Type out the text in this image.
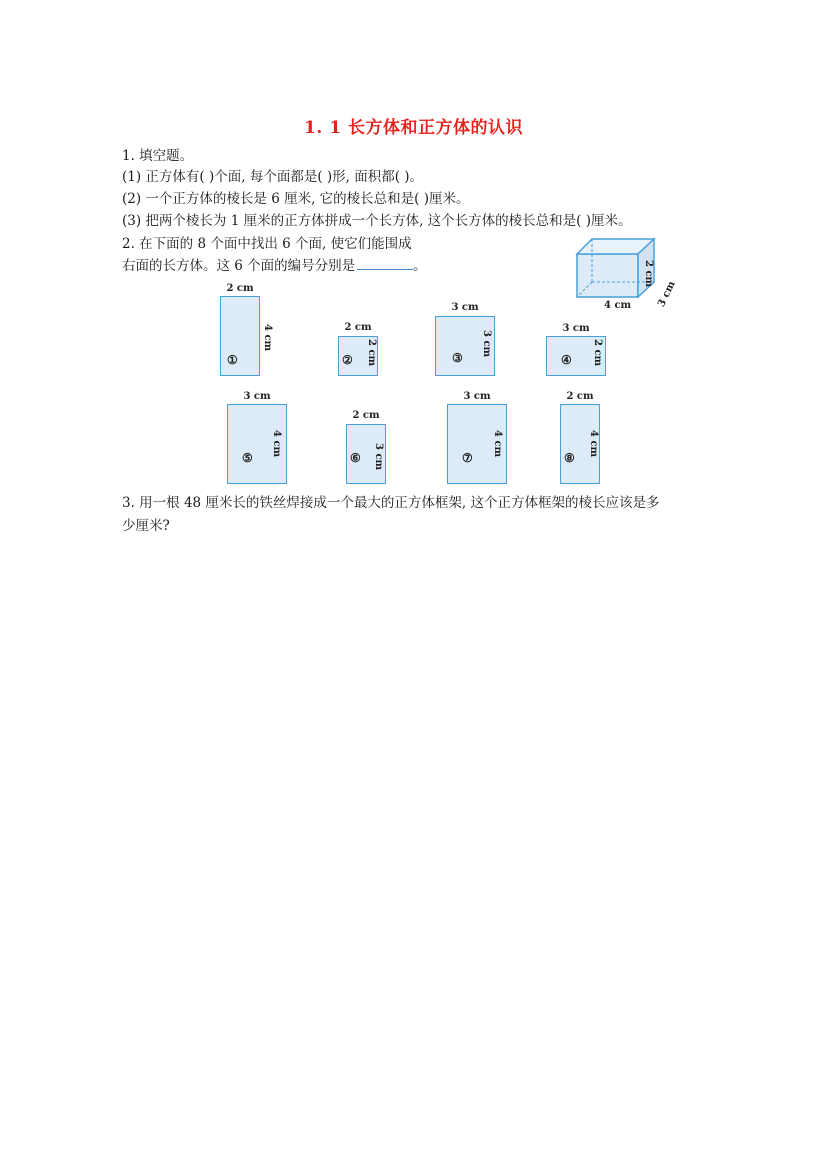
1. 1 长方体和正方体的认识
1. 填空题。
(1) 正方体有( )个面, 每个面都是( )形, 面积都( )。
(2) 一个正方体的棱长是 6 厘米, 它的棱长总和是( )厘米。
(3) 把两个棱长为 1 厘米的正方体拼成一个长方体, 这个长方体的棱长总和是( )厘米。
2. 在下面的 8 个面中找出 6 个面, 使它们能围成
右面的长方体。这 6 个面的编号分别是	。	2 cm
4 cm 3 cm
2 cm
①
4 cm	2 cm
② 2 cm
3 cm
③
3 cm
3 cm
④ 2 cm
3 cm
⑤
4 cm
2 cm
⑥ 3 cm
3 cm
⑦
4 cm
2 cm
⑧
4 cm
3. 用一根 48 厘米长的铁丝焊接成一个最大的正方体框架, 这个正方体框架的棱长应该是多
少厘米?
